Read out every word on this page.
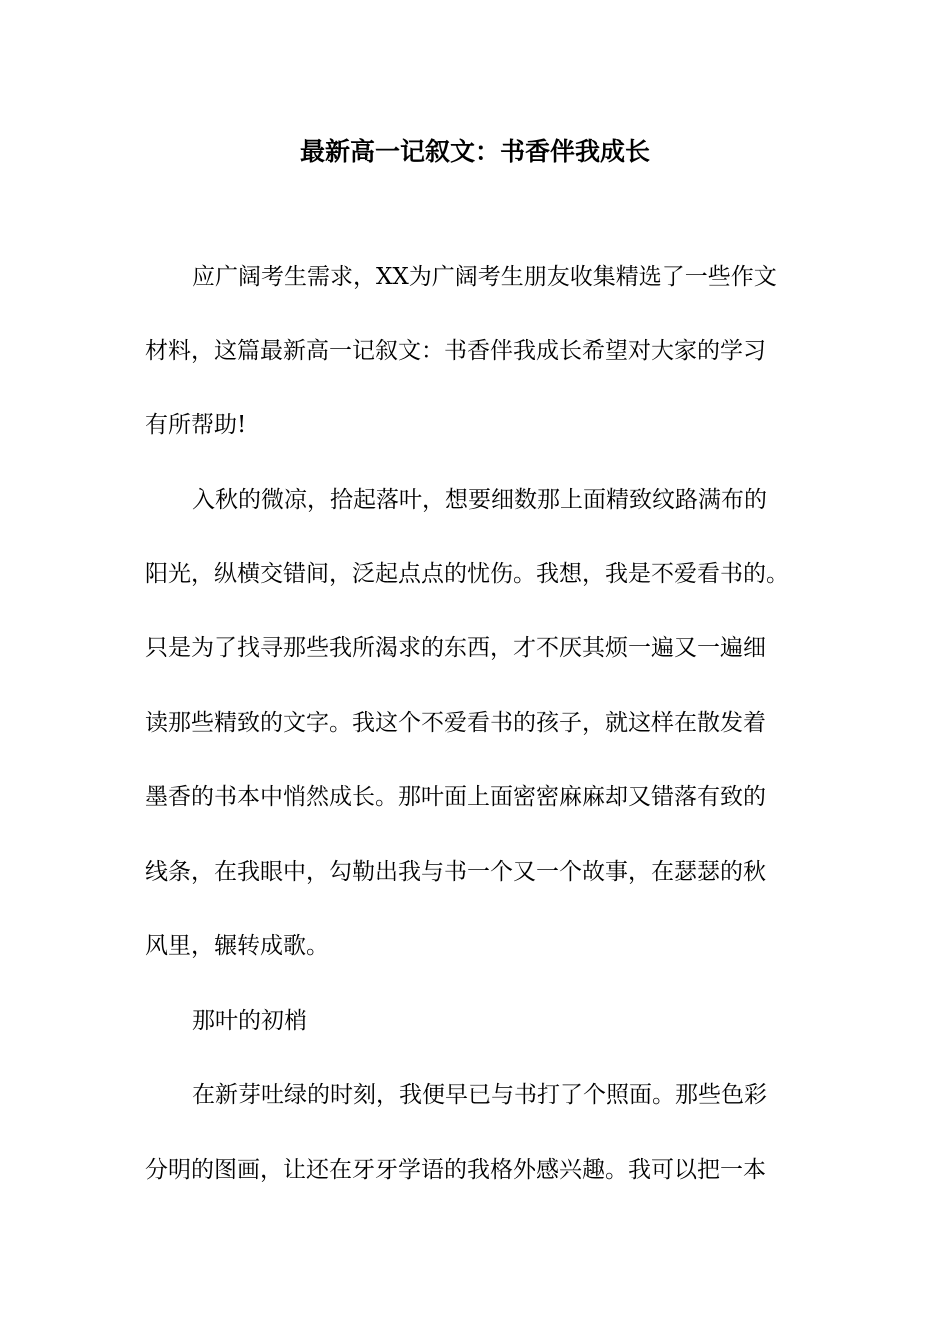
最新高一记叙文：书香伴我成长
应广阔考生需求，XX为广阔考生朋友收集精选了一些作文
材料，这篇最新高一记叙文：书香伴我成长希望对大家的学习
有所帮助!
入秋的微凉，拾起落叶，想要细数那上面精致纹路满布的
阳光，纵横交错间，泛起点点的忧伤。我想，我是不爱看书的。
只是为了找寻那些我所渴求的东西，才不厌其烦一遍又一遍细
读那些精致的文字。我这个不爱看书的孩子，就这样在散发着
墨香的书本中悄然成长。那叶面上面密密麻麻却又错落有致的
线条，在我眼中，勾勒出我与书一个又一个故事，在瑟瑟的秋
风里，辗转成歌。
那叶的初梢
在新芽吐绿的时刻，我便早已与书打了个照面。那些色彩
分明的图画，让还在牙牙学语的我格外感兴趣。我可以把一本
